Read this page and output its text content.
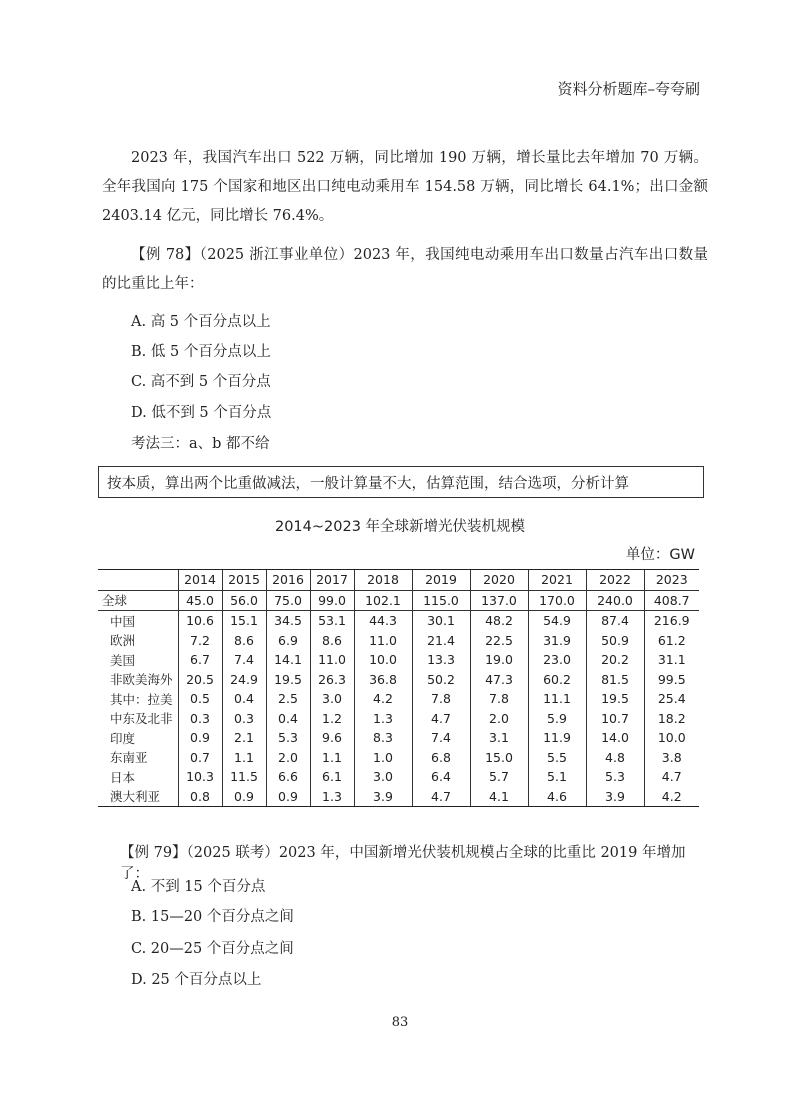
资料分析题库–夸夸刷
2023 年，我国汽车出口 522 万辆，同比增加 190 万辆，增长量比去年增加 70 万辆。全年我国向 175 个国家和地区出口纯电动乘用车 154.58 万辆，同比增长 64.1%；出口金额 2403.14 亿元，同比增长 76.4%。
【例 78】（2025 浙江事业单位）2023 年，我国纯电动乘用车出口数量占汽车出口数量的比重比上年：
A. 高 5 个百分点以上
B. 低 5 个百分点以上
C. 高不到 5 个百分点
D. 低不到 5 个百分点
考法三：a、b 都不给
按本质，算出两个比重做减法，一般计算量不大，估算范围，结合选项，分析计算
2014~2023 年全球新增光伏装机规模
单位：GW
	2014	2015	2016	2017	2018	2019	2020	2021	2022	2023
全球	45.0	56.0	75.0	99.0	102.1	115.0	137.0	170.0	240.0	408.7
中国	10.6	15.1	34.5	53.1	44.3	30.1	48.2	54.9	87.4	216.9
欧洲	7.2	8.6	6.9	8.6	11.0	21.4	22.5	31.9	50.9	61.2
美国	6.7	7.4	14.1	11.0	10.0	13.3	19.0	23.0	20.2	31.1
非欧美海外	20.5	24.9	19.5	26.3	36.8	50.2	47.3	60.2	81.5	99.5
其中：拉美	0.5	0.4	2.5	3.0	4.2	7.8	7.8	11.1	19.5	25.4
中东及北非	0.3	0.3	0.4	1.2	1.3	4.7	2.0	5.9	10.7	18.2
印度	0.9	2.1	5.3	9.6	8.3	7.4	3.1	11.9	14.0	10.0
东南亚	0.7	1.1	2.0	1.1	1.0	6.8	15.0	5.5	4.8	3.8
日本	10.3	11.5	6.6	6.1	3.0	6.4	5.7	5.1	5.3	4.7
澳大利亚	0.8	0.9	0.9	1.3	3.9	4.7	4.1	4.6	3.9	4.2
【例 79】（2025 联考）2023 年，中国新增光伏装机规模占全球的比重比 2019 年增加了：
A. 不到 15 个百分点
B. 15—20 个百分点之间
C. 20—25 个百分点之间
D. 25 个百分点以上
83
